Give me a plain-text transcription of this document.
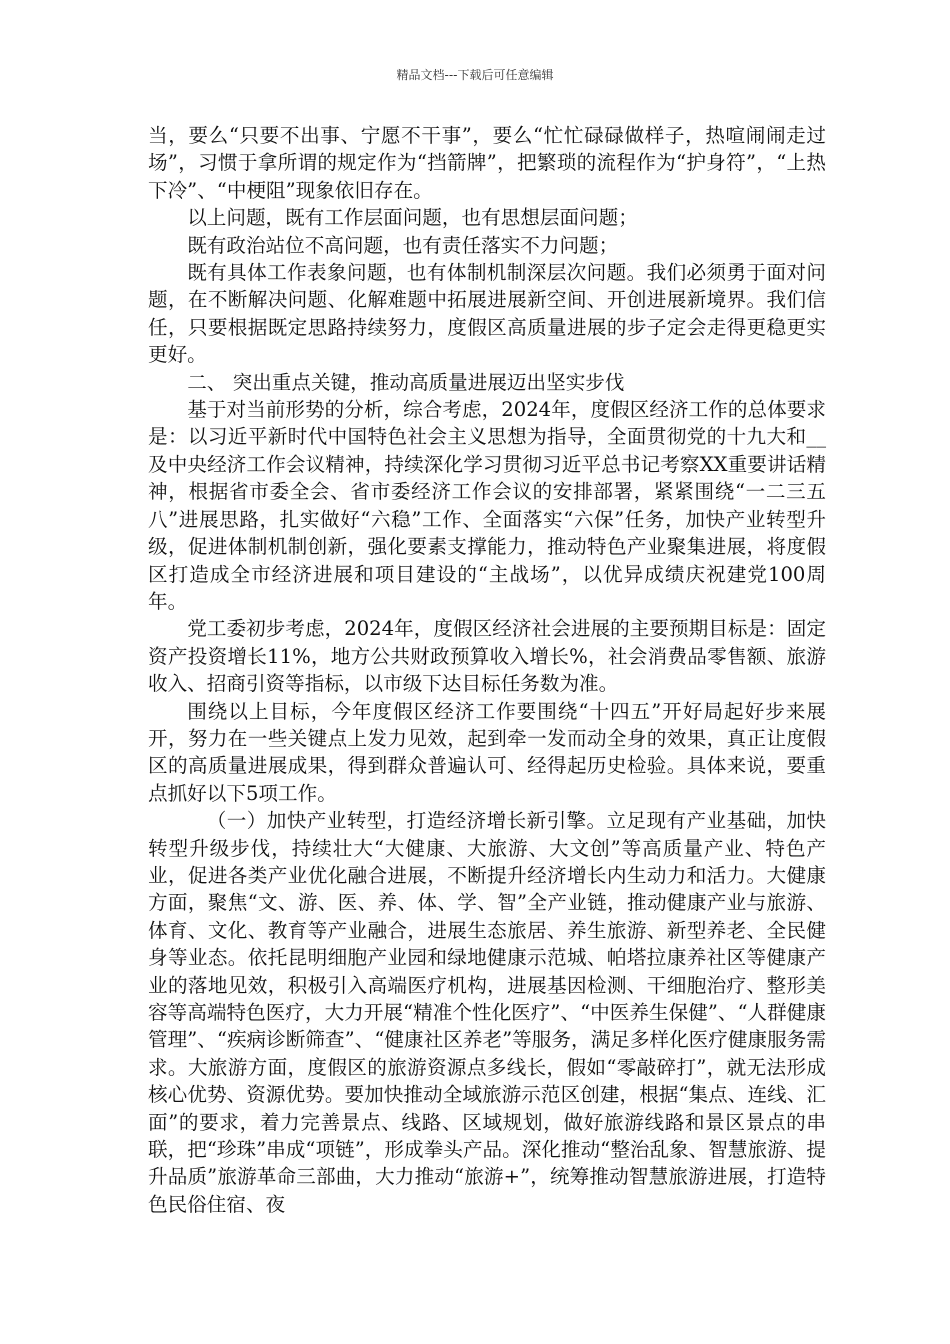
精品文档---下载后可任意编辑

当，要么“只要不出事、宁愿不干事”，要么“忙忙碌碌做样子，热喧闹闹走过场”，习惯于拿所谓的规定作为“挡箭牌”，把繁琐的流程作为“护身符”，“上热下冷”、“中梗阻”现象依旧存在。

以上问题，既有工作层面问题，也有思想层面问题；

既有政治站位不高问题，也有责任落实不力问题；

既有具体工作表象问题，也有体制机制深层次问题。我们必须勇于面对问题，在不断解决问题、化解难题中拓展进展新空间、开创进展新境界。我们信任，只要根据既定思路持续努力，度假区高质量进展的步子定会走得更稳更实更好。

二、 突出重点关键，推动高质量进展迈出坚实步伐

基于对当前形势的分析，综合考虑，2024年，度假区经济工作的总体要求是：以习近平新时代中国特色社会主义思想为指导，全面贯彻党的十九大和__及中央经济工作会议精神，持续深化学习贯彻习近平总书记考察XX重要讲话精神，根据省市委全会、省市委经济工作会议的安排部署，紧紧围绕“一二三五八”进展思路，扎实做好“六稳”工作、全面落实“六保”任务，加快产业转型升级，促进体制机制创新，强化要素支撑能力，推动特色产业聚集进展，将度假区打造成全市经济进展和项目建设的“主战场”，以优异成绩庆祝建党100周年。

党工委初步考虑，2024年，度假区经济社会进展的主要预期目标是：固定资产投资增长11%，地方公共财政预算收入增长%，社会消费品零售额、旅游收入、招商引资等指标，以市级下达目标任务数为准。

围绕以上目标，今年度假区经济工作要围绕“十四五”开好局起好步来展开，努力在一些关键点上发力见效，起到牵一发而动全身的效果，真正让度假区的高质量进展成果，得到群众普遍认可、经得起历史检验。具体来说，要重点抓好以下5项工作。

（一）加快产业转型，打造经济增长新引擎。立足现有产业基础，加快转型升级步伐，持续壮大“大健康、大旅游、大文创”等高质量产业、特色产业，促进各类产业优化融合进展，不断提升经济增长内生动力和活力。大健康方面，聚焦“文、游、医、养、体、学、智”全产业链，推动健康产业与旅游、体育、文化、教育等产业融合，进展生态旅居、养生旅游、新型养老、全民健身等业态。依托昆明细胞产业园和绿地健康示范城、帕塔拉康养社区等健康产业的落地见效，积极引入高端医疗机构，进展基因检测、干细胞治疗、整形美容等高端特色医疗，大力开展“精准个性化医疗”、“中医养生保健”、“人群健康管理”、“疾病诊断筛查”、“健康社区养老”等服务，满足多样化医疗健康服务需求。大旅游方面，度假区的旅游资源点多线长，假如“零敲碎打”，就无法形成核心优势、资源优势。要加快推动全域旅游示范区创建，根据“集点、连线、汇面”的要求，着力完善景点、线路、区域规划，做好旅游线路和景区景点的串联，把“珍珠”串成“项链”，形成拳头产品。深化推动“整治乱象、智慧旅游、提升品质”旅游革命三部曲，大力推动“旅游+”，统筹推动智慧旅游进展，打造特色民俗住宿、夜
